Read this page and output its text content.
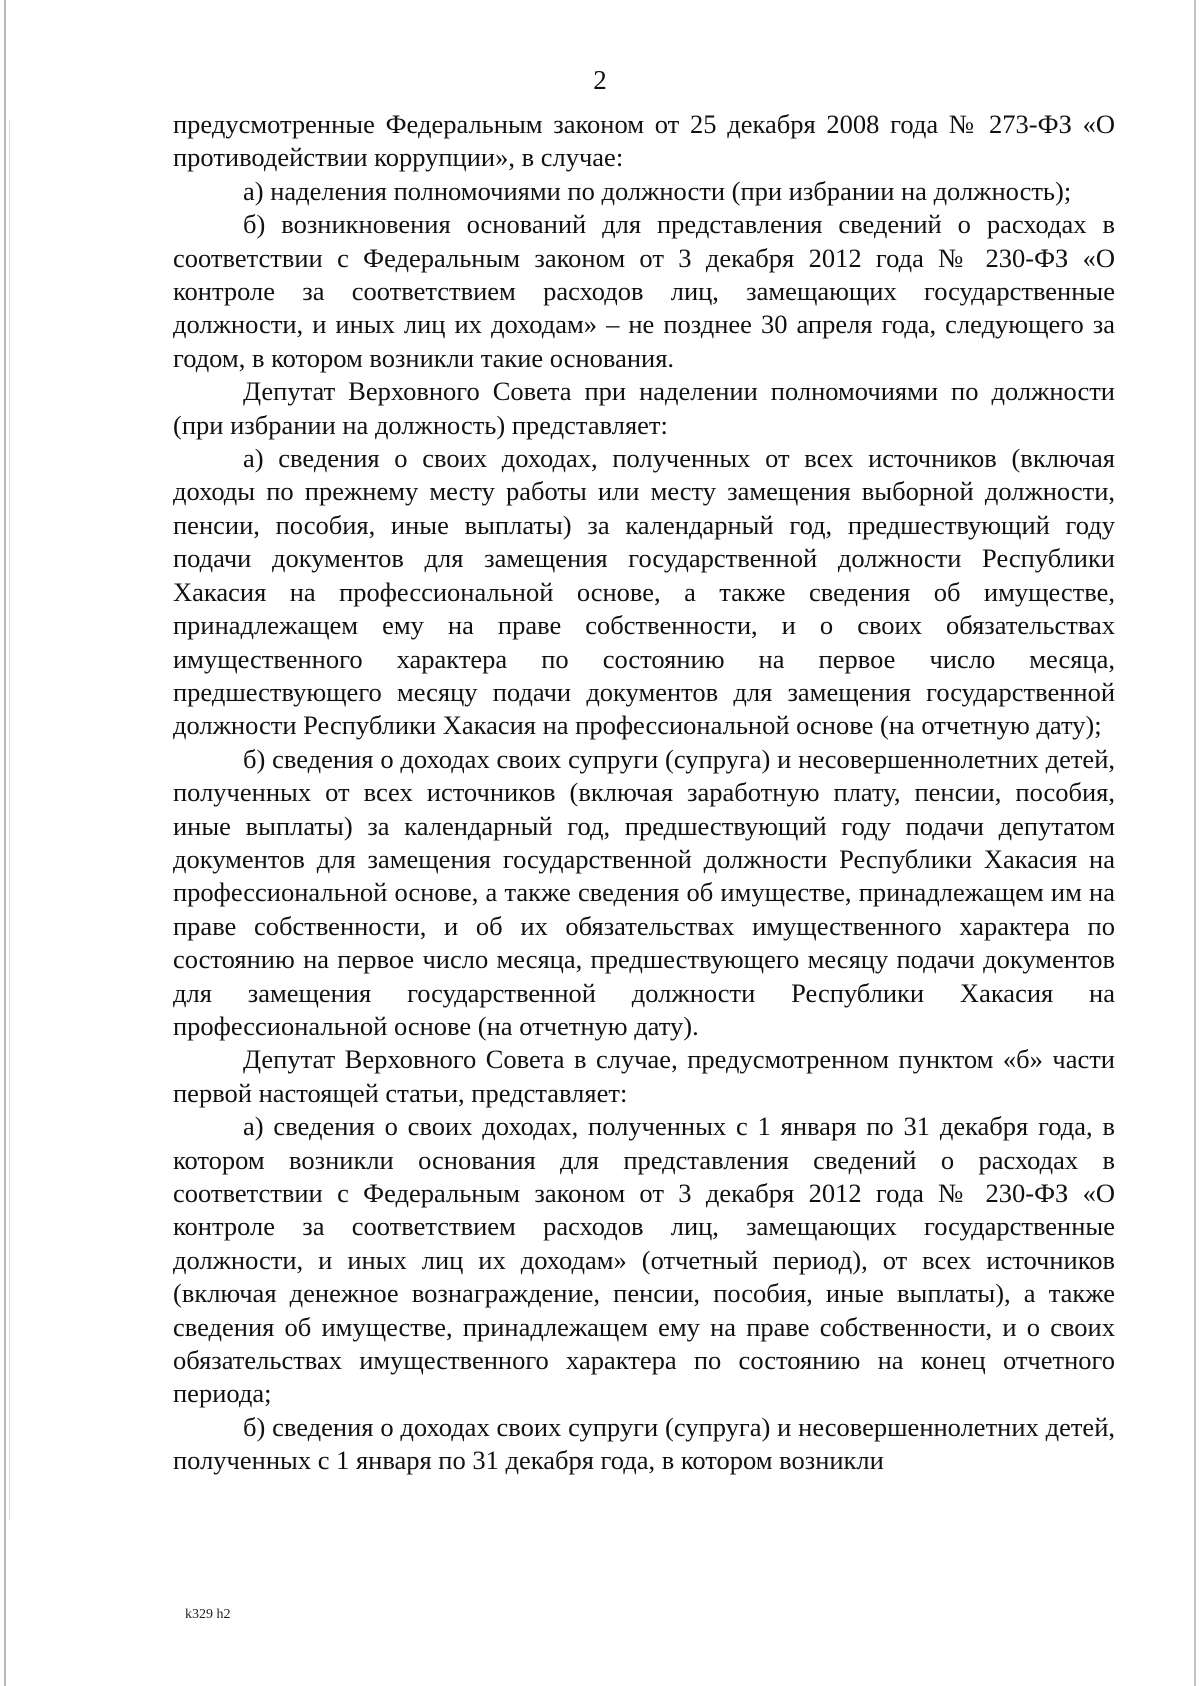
2

предусмотренные Федеральным законом от 25 декабря 2008 года № 273-ФЗ «О противодействии коррупции», в случае:

а) наделения полномочиями по должности (при избрании на должность);

б) возникновения оснований для представления сведений о расходах в соответствии с Федеральным законом от 3 декабря 2012 года № 230-ФЗ «О контроле за соответствием расходов лиц, замещающих государственные должности, и иных лиц их доходам» – не позднее 30 апреля года, следующего за годом, в котором возникли такие основания.

Депутат Верховного Совета при наделении полномочиями по должности (при избрании на должность) представляет:

а) сведения о своих доходах, полученных от всех источников (включая доходы по прежнему месту работы или месту замещения выборной должности, пенсии, пособия, иные выплаты) за календарный год, предшествующий году подачи документов для замещения государственной должности Республики Хакасия на профессиональной основе, а также сведения об имуществе, принадлежащем ему на праве собственности, и о своих обязательствах имущественного характера по состоянию на первое число месяца, предшествующего месяцу подачи документов для замещения государственной должности Республики Хакасия на профессиональной основе (на отчетную дату);

б) сведения о доходах своих супруги (супруга) и несовершеннолетних детей, полученных от всех источников (включая заработную плату, пенсии, пособия, иные выплаты) за календарный год, предшествующий году подачи депутатом документов для замещения государственной должности Республики Хакасия на профессиональной основе, а также сведения об имуществе, принадлежащем им на праве собственности, и об их обязательствах имущественного характера по состоянию на первое число месяца, предшествующего месяцу подачи документов для замещения государственной должности Республики Хакасия на профессиональной основе (на отчетную дату).

Депутат Верховного Совета в случае, предусмотренном пунктом «б» части первой настоящей статьи, представляет:

а) сведения о своих доходах, полученных с 1 января по 31 декабря года, в котором возникли основания для представления сведений о расходах в соответствии с Федеральным законом от 3 декабря 2012 года № 230-ФЗ «О контроле за соответствием расходов лиц, замещающих государственные должности, и иных лиц их доходам» (отчетный период), от всех источников (включая денежное вознаграждение, пенсии, пособия, иные выплаты), а также сведения об имуществе, принадлежащем ему на праве собственности, и о своих обязательствах имущественного характера по состоянию на конец отчетного периода;

б) сведения о доходах своих супруги (супруга) и несовершеннолетних детей, полученных с 1 января по 31 декабря года, в котором возникли

k329 h2
